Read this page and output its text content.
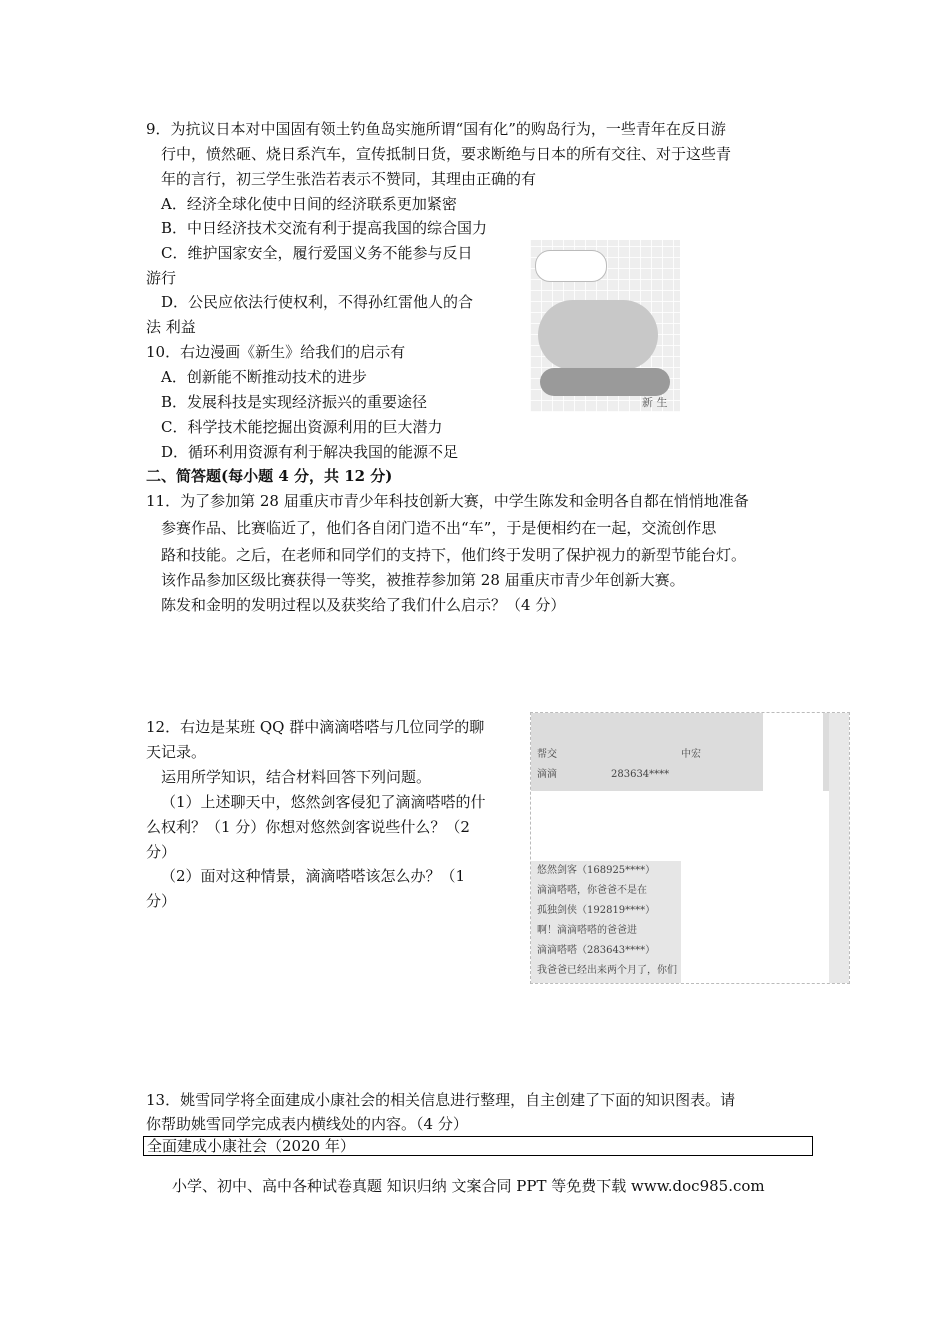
9．为抗议日本对中国固有领土钓鱼岛实施所谓“国有化”的购岛行为，一些青年在反日游
行中，愤然砸、烧日系汽车，宣传抵制日货，要求断绝与日本的所有交往、对于这些青
年的言行，初三学生张浩若表示不赞同，其理由正确的有
A．经济全球化使中日间的经济联系更加紧密
B．中日经济技术交流有利于提高我国的综合国力
C．维护国家安全，履行爱国义务不能参与反日
游行
D．公民应依法行使权利，不得孙红雷他人的合
法 利益
新 生
10．右边漫画《新生》给我们的启示有
A．创新能不断推动技术的进步
B．发展科技是实现经济振兴的重要途径
C．科学技术能挖掘出资源利用的巨大潜力
D．循环利用资源有利于解决我国的能源不足
二、简答题(每小题 4 分，共 12 分)
11．为了参加第 28 届重庆市青少年科技创新大赛，中学生陈发和金明各自都在悄悄地准备
参赛作品、比赛临近了，他们各自闭门造不出“车”，于是便相约在一起，交流创作思
路和技能。之后，在老师和同学们的支持下，他们终于发明了保护视力的新型节能台灯。
该作品参加区级比赛获得一等奖，被推荐参加第 28 届重庆市青少年创新大赛。
陈发和金明的发明过程以及获奖给了我们什么启示？（4 分）
12．右边是某班 QQ 群中滴滴嗒嗒与几位同学的聊
天记录。
运用所学知识，结合材料回答下列问题。
（1）上述聊天中，悠然剑客侵犯了滴滴嗒嗒的什
么权利？（1 分）你想对悠然剑客说些什么？（2
分）
（2）面对这种情景，滴滴嗒嗒该怎么办？（1
分）
帮交	中宏
滴滴	283634****
悠然剑客（168925****）
滴滴嗒嗒，你爸爸不是在
孤独剑侠（192819****）
啊！滴滴嗒嗒的爸爸进
滴滴嗒嗒（283643****）
我爸爸已经出来两个月了，你们
13．姚雪同学将全面建成小康社会的相关信息进行整理，自主创建了下面的知识图表。请
你帮助姚雪同学完成表内横线处的内容。（4 分）
全面建成小康社会（2020 年）
小学、初中、高中各种试卷真题 知识归纳 文案合同 PPT 等免费下载 www.doc985.com
